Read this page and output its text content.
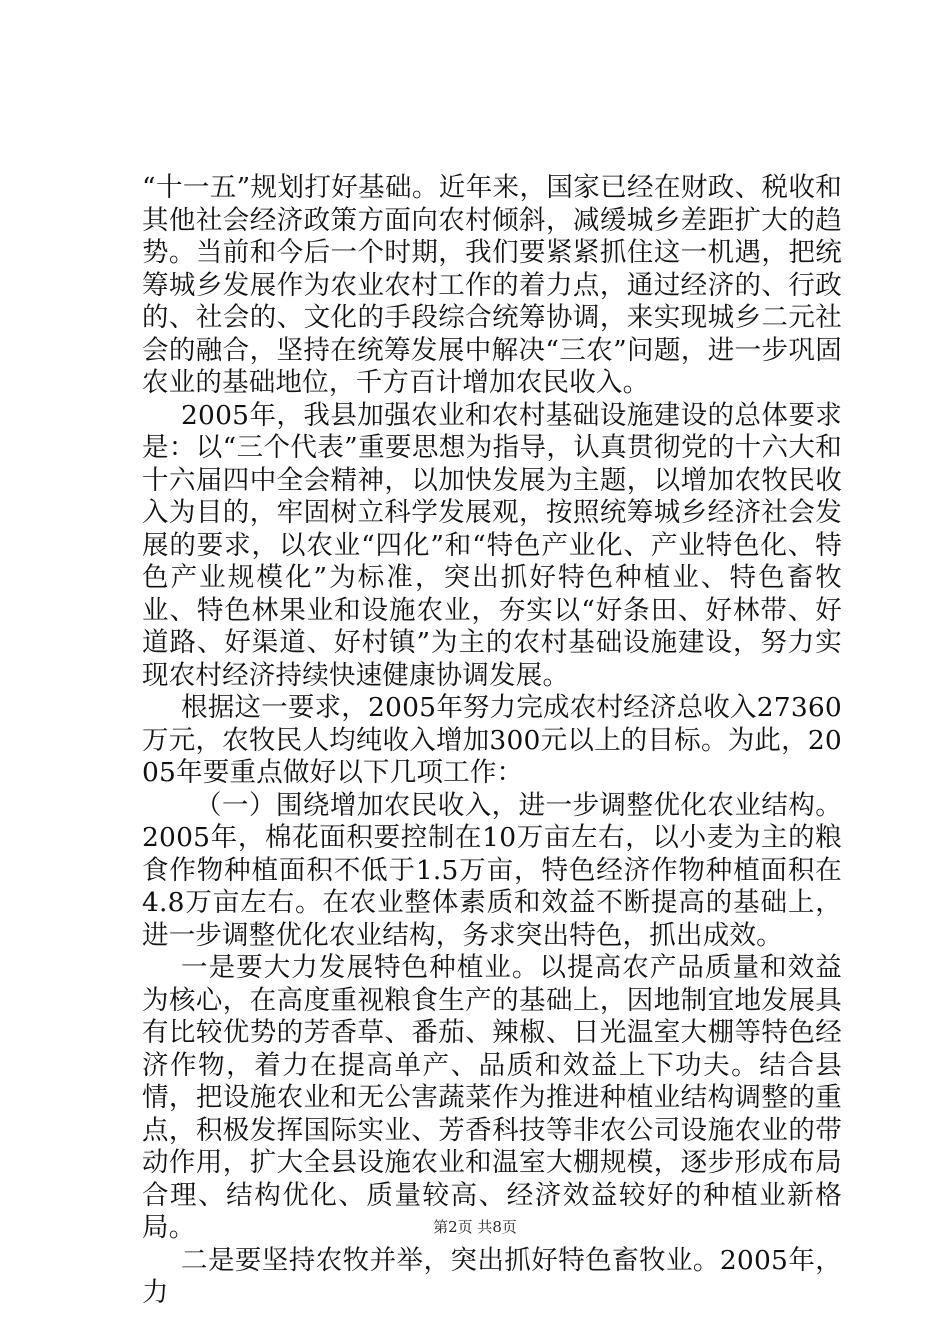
“十一五”规划打好基础。近年来，国家已经在财政、税收和其他社会经济政策方面向农村倾斜，减缓城乡差距扩大的趋势。当前和今后一个时期，我们要紧紧抓住这一机遇，把统筹城乡发展作为农业农村工作的着力点，通过经济的、行政的、社会的、文化的手段综合统筹协调，来实现城乡二元社会的融合，坚持在统筹发展中解决“三农”问题，进一步巩固农业的基础地位，千方百计增加农民收入。

2005年，我县加强农业和农村基础设施建设的总体要求是：以“三个代表”重要思想为指导，认真贯彻党的十六大和十六届四中全会精神，以加快发展为主题，以增加农牧民收入为目的，牢固树立科学发展观，按照统筹城乡经济社会发展的要求，以农业“四化”和“特色产业化、产业特色化、特色产业规模化”为标准，突出抓好特色种植业、特色畜牧业、特色林果业和设施农业，夯实以“好条田、好林带、好道路、好渠道、好村镇”为主的农村基础设施建设，努力实现农村经济持续快速健康协调发展。

根据这一要求，2005年努力完成农村经济总收入27360万元，农牧民人均纯收入增加300元以上的目标。为此，2005年要重点做好以下几项工作：

（一）围绕增加农民收入，进一步调整优化农业结构。2005年，棉花面积要控制在10万亩左右，以小麦为主的粮食作物种植面积不低于1.5万亩，特色经济作物种植面积在4.8万亩左右。在农业整体素质和效益不断提高的基础上，进一步调整优化农业结构，务求突出特色，抓出成效。

一是要大力发展特色种植业。以提高农产品质量和效益为核心，在高度重视粮食生产的基础上，因地制宜地发展具有比较优势的芳香草、番茄、辣椒、日光温室大棚等特色经济作物，着力在提高单产、品质和效益上下功夫。结合县情，把设施农业和无公害蔬菜作为推进种植业结构调整的重点，积极发挥国际实业、芳香科技等非农公司设施农业的带动作用，扩大全县设施农业和温室大棚规模，逐步形成布局合理、结构优化、质量较高、经济效益较好的种植业新格局。

二是要坚持农牧并举，突出抓好特色畜牧业。2005年，力

第2页 共8页
